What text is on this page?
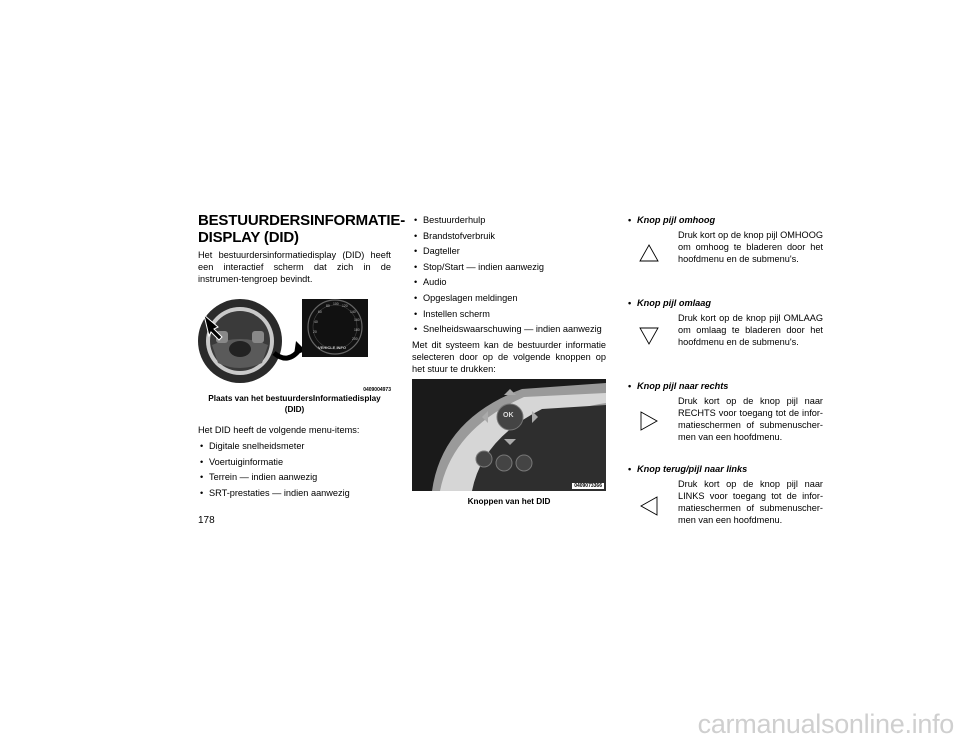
BESTUURDERSINFORMATIE-
DISPLAY (DID)

Het bestuurdersinformatiedisplay (DID) heeft een interactief scherm dat zich in de instrumen-tengroep bevindt.

60
80 100 120
140
160
180
200
40
20
VEHICLE INFO
0409004973
Plaats van het bestuurdersInformatiedisplay (DID)

Het DID heeft de volgende menu-items:

• Digitale snelheidsmeter
• Voertuiginformatie
• Terrein — indien aanwezig
• SRT-prestaties — indien aanwezig
• Bestuurderhulp
• Brandstofverbruik
• Dagteller
• Stop/Start — indien aanwezig
• Audio
• Opgeslagen meldingen
• Instellen scherm
• Snelheidswaarschuwing — indien aanwezig

Met dit systeem kan de bestuurder informatie selecteren door op de volgende knoppen op het stuur te drukken:

OK
0409073366
Knoppen van het DID
• Knop pijl omhoog
Druk kort op de knop pijl OMHOOG om omhoog te bladeren door het hoofdmenu en de submenu's.
• Knop pijl omlaag
Druk kort op de knop pijl OMLAAG om omlaag te bladeren door het hoofdmenu en de submenu's.
• Knop pijl naar rechts
Druk kort op de knop pijl naar RECHTS voor toegang tot de infor-matieschermen of submenuscher-men van een hoofdmenu.
• Knop terug/pijl naar links
Druk kort op de knop pijl naar LINKS voor toegang tot de infor-matieschermen of submenuscher-men van een hoofdmenu.
178
carmanualsonline.info
